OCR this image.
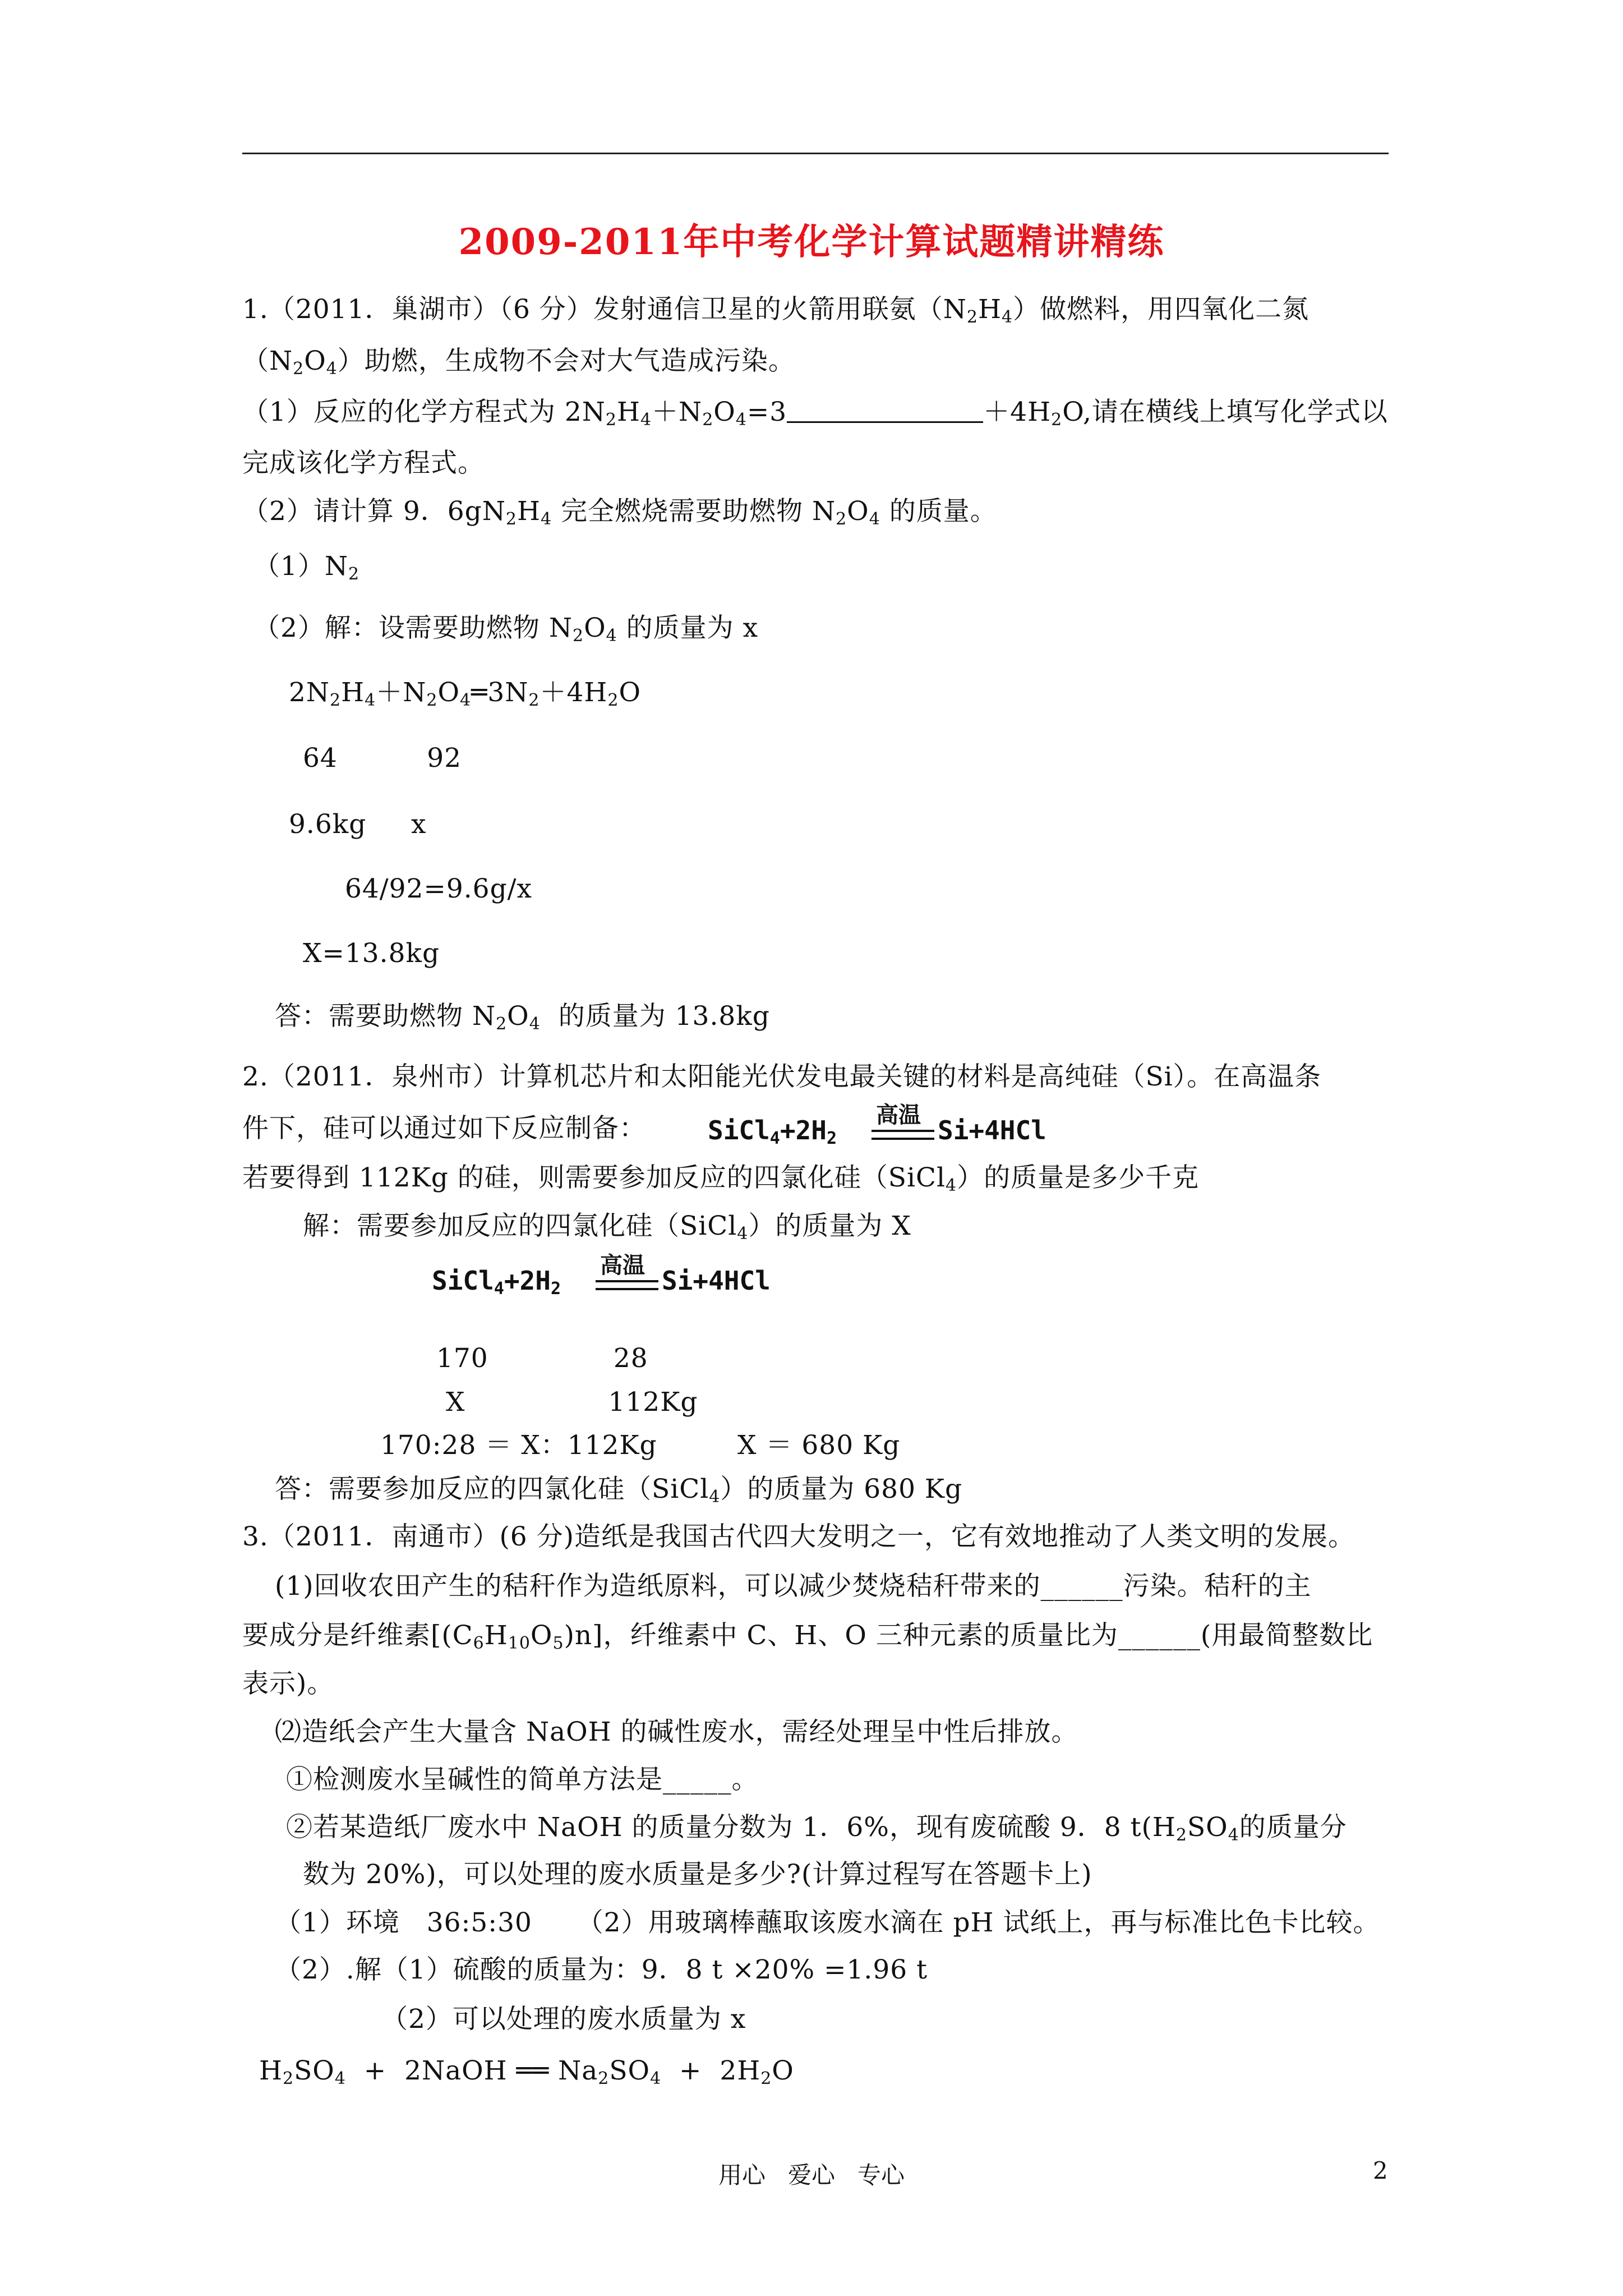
2009-2011年中考化学计算试题精讲精练
1.（2011．巢湖市）（6 分）发射通信卫星的火箭用联氨$(N_2H_4)$做燃料，用四氧化二氮
$(N_2O_4)$助燃，生成物不会对大气造成污染。
（1）反应的化学方程式为 $2N_2H_4+N_2O_4=3$	$+4H_2O$,请在横线上填写化学式以
完成该化学方程式。
（2）请计算 9．$6gN_2H_4$ 完全燃烧需要助燃物 $N_2O_4$ 的质量。
$(1)N_2$
（2）解：设需要助燃物 $N_2O_4$ 的质量为 x
$2N_2H_4+N_2O_4═3N_2+4H_2O$
64          92
9.6kg     x
64/92=9.6g/x
X=13.8kg
答：需要助燃物 $N_2O_4$  的质量为 13.8kg
2.（2011．泉州市）计算机芯片和太阳能光伏发电最关键的材料是高纯硅（Si）。在高温条
件下，硅可以通过如下反应制备： $SiCl_4+2H_2$
高温 Si+4HCl
若要得到 112Kg 的硅，则需要参加反应的四氯化硅（SiCl$_4$）的质量是多少千克
解：需要参加反应的四氯化硅（SiCl$_4$）的质量为 X
$SiCl_4+2H_2$
高温 Si+4HCl
170              28
X                112Kg
170:28 ＝ X：112Kg         X ＝ 680 Kg
答：需要参加反应的四氯化硅（SiCl$_4$）的质量为 680 Kg
3.（2011．南通市）(6 分)造纸是我国古代四大发明之一，它有效地推动了人类文明的发展。
(1)回收农田产生的秸秆作为造纸原料，可以减少焚烧秸秆带来的______污染。秸秆的主
要成分是纤维素$[(C_6H_{10}O_5)n]$，纤维素中 C、H、O 三种元素的质量比为______(用最简整数比
表示)。
⑵造纸会产生大量含 NaOH 的碱性废水，需经处理呈中性后排放。
①检测废水呈碱性的简单方法是_____。
②若某造纸厂废水中 NaOH 的质量分数为 1．6%，现有废硫酸 9．8 $t(H_2SO_4$的质量分
数为 20%)，可以处理的废水质量是多少?(计算过程写在答题卡上)
（1）环境   36:5:30     （2）用玻璃棒蘸取该废水滴在 pH 试纸上，再与标准比色卡比较。
（2）.解（1）硫酸的质量为：9．8 t ×20% =1.96 t
（2）可以处理的废水质量为 x
$H_2SO_4$  +  2NaOH ══ $Na_2SO_4 + 2H_2O$
用心   爱心   专心	2
